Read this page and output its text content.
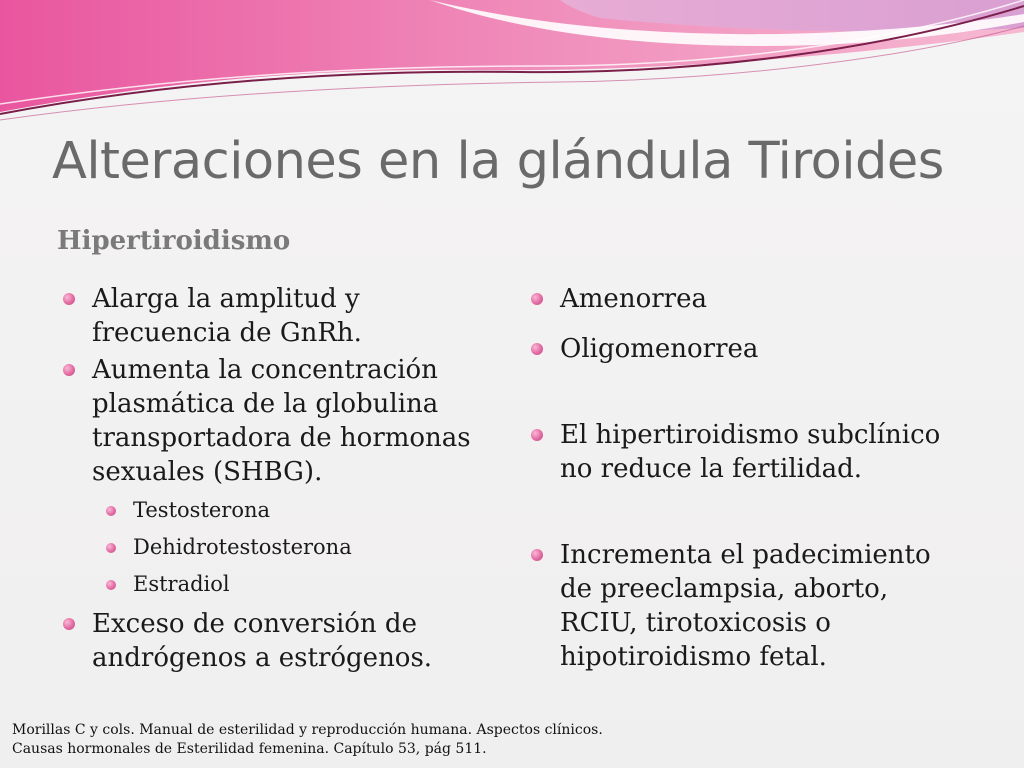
Alteraciones en la glándula Tiroides
Hipertiroidismo
Alarga la amplitud y frecuencia de GnRh.
Aumenta la concentración plasmática de la globulina transportadora de hormonas sexuales (SHBG).
Testosterona
Dehidrotestosterona
Estradiol
Exceso de conversión de andrógenos a estrógenos.
Amenorrea
Oligomenorrea
El hipertiroidismo subclínico no reduce la fertilidad.
Incrementa el padecimiento de preeclampsia, aborto, RCIU, tirotoxicosis o hipotiroidismo fetal.
Morillas C y cols. Manual de esterilidad y reproducción humana. Aspectos clínicos.
Causas hormonales de Esterilidad femenina. Capítulo 53, pág 511.
